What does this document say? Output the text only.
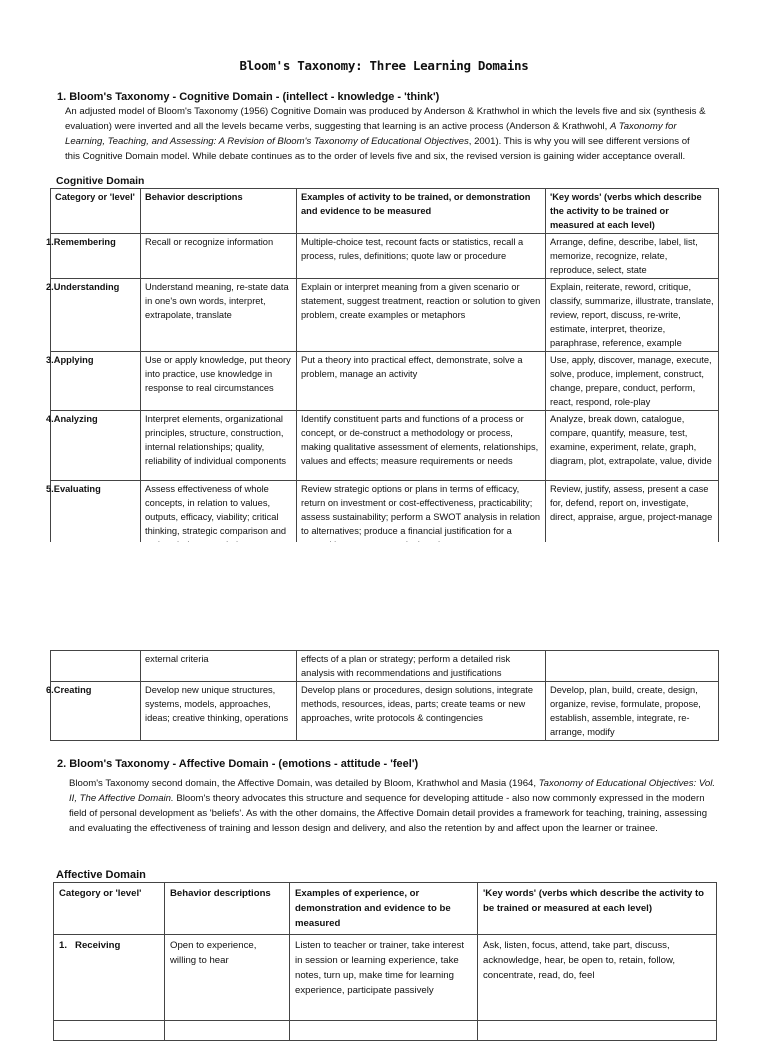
Bloom's Taxonomy: Three Learning Domains
1. Bloom's Taxonomy - Cognitive Domain - (intellect - knowledge - 'think')
An adjusted model of Bloom's Taxonomy (1956) Cognitive Domain was produced by Anderson & Krathwhol in which the levels five and six (synthesis &
evaluation) were inverted and all the levels became verbs, suggesting that learning is an active process (Anderson & Krathwohl, A Taxonomy for
Learning, Teaching, and Assessing: A Revision of Bloom's Taxonomy of Educational Objectives, 2001). This is why you will see different versions of
this Cognitive Domain model. While debate continues as to the order of levels five and six, the revised version is gaining wider acceptance overall.
Cognitive Domain
Category or 'level'	Behavior descriptions	Examples of activity to be trained, or demonstration and evidence to be measured	'Key words' (verbs which describe the activity to be trained or measured at each level)
1.Remembering	Recall or recognize information	Multiple-choice test, recount facts or statistics, recall a process, rules, definitions; quote law or procedure	Arrange, define, describe, label, list, memorize, recognize, relate, reproduce, select, state
2.Understanding	Understand meaning, re-state data in one's own words, interpret, extrapolate, translate	Explain or interpret meaning from a given scenario or statement, suggest treatment, reaction or solution to given problem, create examples or metaphors	Explain, reiterate, reword, critique, classify, summarize, illustrate, translate, review, report, discuss, re-write, estimate, interpret, theorize, paraphrase, reference, example
3.Applying	Use or apply knowledge, put theory into practice, use knowledge in response to real circumstances	Put a theory into practical effect, demonstrate, solve a problem, manage an activity	Use, apply, discover, manage, execute, solve, produce, implement, construct, change, prepare, conduct, perform, react, respond, role-play
4.Analyzing	Interpret elements, organizational principles, structure, construction, internal relationships; quality, reliability of individual components	Identify constituent parts and functions of a process or concept, or de-construct a methodology or process, making qualitative assessment of elements, relationships, values and effects; measure requirements or needs	Analyze, break down, catalogue, compare, quantify, measure, test, examine, experiment, relate, graph, diagram, plot, extrapolate, value, divide
5.Evaluating	Assess effectiveness of whole concepts, in relation to values, outputs, efficacy, viability; critical thinking, strategic comparison and	Review strategic options or plans in terms of efficacy, return on investment or cost-effectiveness, practicability; assess sustainability; perform a SWOT analysis in relation to alternatives; produce a financial justification for a	Review, justify, assess, present a case for, defend, report on, investigate, direct, appraise, argue, project-manage
	external criteria	effects of a plan or strategy; perform a detailed risk analysis with recommendations and justifications	
6.Creating	Develop new unique structures, systems, models, approaches, ideas; creative thinking, operations	Develop plans or procedures, design solutions, integrate methods, resources, ideas, parts; create teams or new approaches, write protocols & contingencies	Develop, plan, build, create, design, organize, revise, formulate, propose, establish, assemble, integrate, re-arrange, modify
2. Bloom's Taxonomy - Affective Domain - (emotions - attitude - 'feel')
Bloom's Taxonomy second domain, the Affective Domain, was detailed by Bloom, Krathwhol and Masia (1964, Taxonomy of Educational Objectives: Vol. II, The Affective Domain. Bloom's theory advocates this structure and sequence for developing attitude - also now commonly expressed in the modern field of personal development as 'beliefs'. As with the other domains, the Affective Domain detail provides a framework for teaching, training, assessing and evaluating the effectiveness of training and lesson design and delivery, and also the retention by and affect upon the learner or trainee.
Affective Domain
Category or 'level'	Behavior descriptions	Examples of experience, or demonstration and evidence to be measured	'Key words' (verbs which describe the activity to be trained or measured at each level)
1. Receiving	Open to experience, willing to hear	Listen to teacher or trainer, take interest in session or learning experience, take notes, turn up, make time for learning experience, participate passively	Ask, listen, focus, attend, take part, discuss, acknowledge, hear, be open to, retain, follow, concentrate, read, do, feel
